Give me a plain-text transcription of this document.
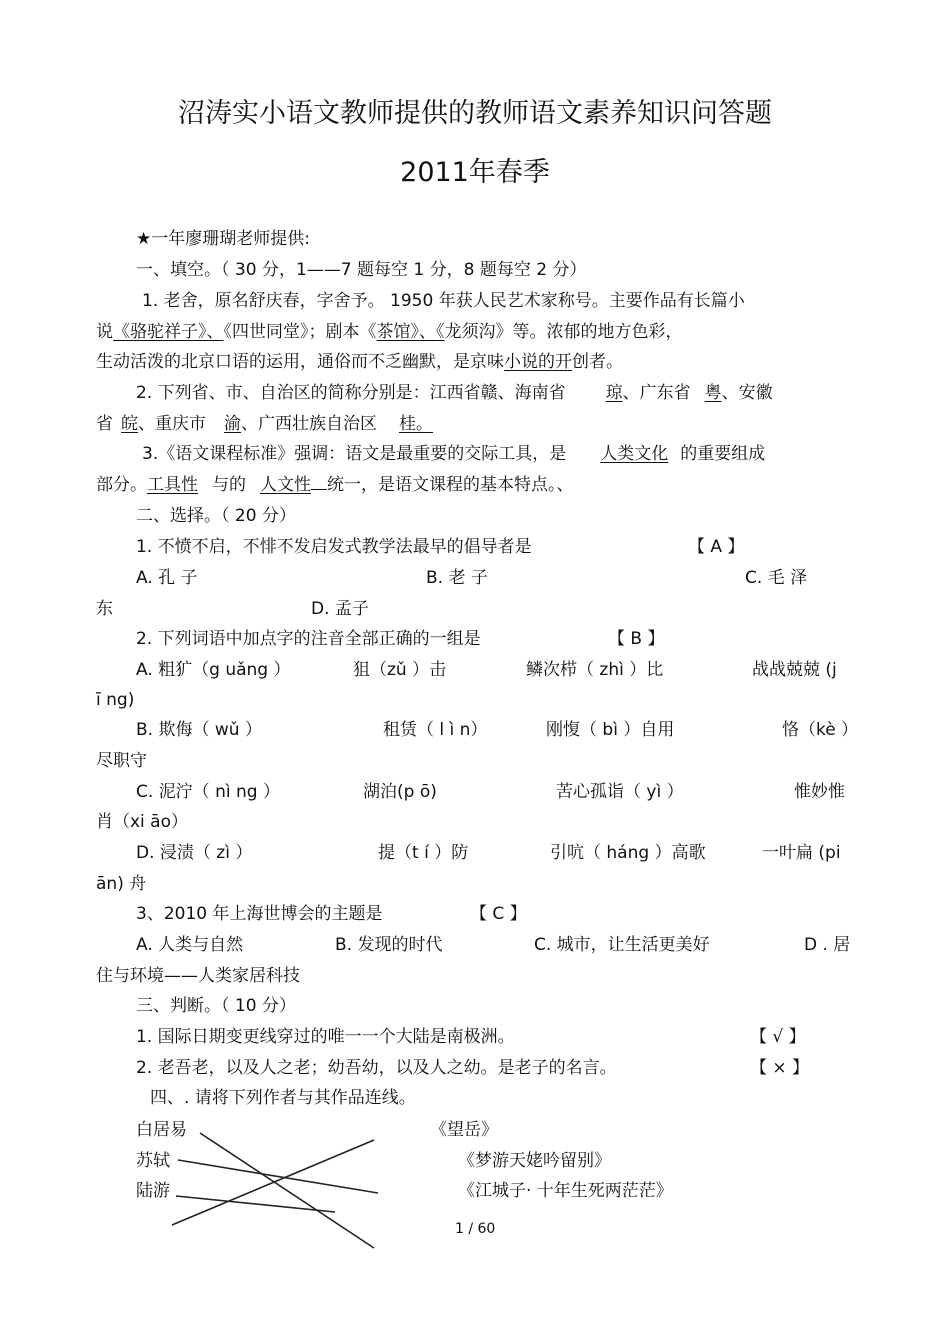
沼涛实小语文教师提供的教师语文素养知识问答题
2011年春季
★一年廖珊瑚老师提供:
一、填空。（ 30 分，1——7 题每空 1 分，8 题每空 2 分）
1. 老舍，原名舒庆春，字舍予。 1950 年获人民艺术家称号。主要作品有长篇小
说《骆驼祥子》、《四世同堂》；剧本《茶馆》、《龙须沟》等。浓郁的地方色彩，
生动活泼的北京口语的运用，通俗而不乏幽默，是京味小说的开创者。
2. 下列省、市、自治区的简称分别是：江西省赣、海南省 琼、广东省 粤、安徽
省 皖、重庆市 渝、广西壮族自治区 桂。
3.《语文课程标准》强调：语文是最重要的交际工具，是 人类文化 的重要组成
部分。工具性 与的 人文性 统一，是语文课程的基本特点。、
二、选择。（ 20 分）
1. 不愤不启，不悱不发启发式教学法最早的倡导者是	【 A 】
A. 孔 子	B. 老 子	C. 毛 泽
东	D. 孟子
2. 下列词语中加点字的注音全部正确的一组是	【 B 】
A. 粗犷（g uǎng ）	狙（zǔ ）击	鳞次栉（ zhì ）比	战战兢兢 (j
ī ng)
B. 欺侮（ wǔ ）	租赁（ l ì n）	刚愎（ bì ）自用	恪（kè ）
尽职守
C. 泥泞（ nì ng ）	湖泊(p ō)	苦心孤诣（ yì ）	惟妙惟
肖（xi āo）
D. 浸渍（ zì ）	提（t í ）防	引吭（ háng ）高歌	一叶扁 (pi
ān) 舟
3、2010 年上海世博会的主题是	【 C 】
A. 人类与自然	B. 发现的时代	C. 城市，让生活更美好	D . 居
住与环境——人类家居科技
三、判断。（ 10 分）
1. 国际日期变更线穿过的唯一一个大陆是南极洲。	【 √ 】
2. 老吾老，以及人之老；幼吾幼，以及人之幼。是老子的名言。	【 × 】
四、. 请将下列作者与其作品连线。
白居易
苏轼
陆游
《望岳》
《梦游天姥吟留别》
《江城子· 十年生死两茫茫》
1 / 60
